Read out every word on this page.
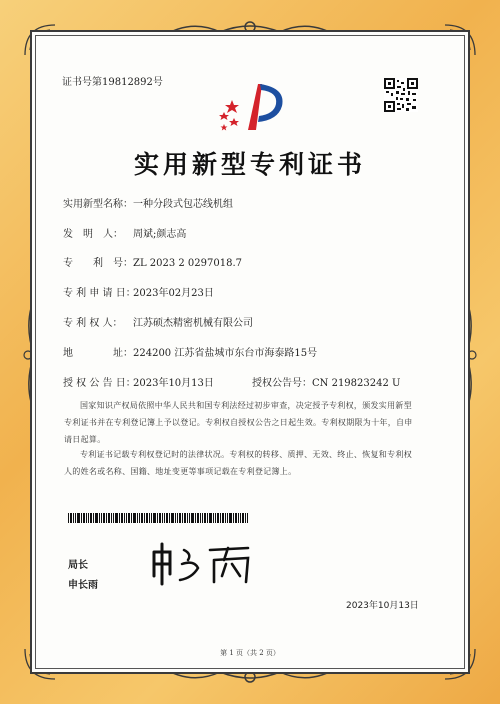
证书号第19812892号
实用新型专利证书
实用新型名称：一种分段式包芯线机组
发　明　人： 周斌;颜志高
专　　利　号：ZL 2023 2 0297018.7
专 利 申 请 日：2023年02月23日
专 利 权 人： 江苏硕杰精密机械有限公司
地　　　　址：224200 江苏省盐城市东台市海泰路15号
授 权 公 告 日：2023年10月13日	授权公告号：CN 219823242 U
国家知识产权局依照中华人民共和国专利法经过初步审查，决定授予专利权，颁发实用新型
专利证书并在专利登记簿上予以登记。专利权自授权公告之日起生效。专利权期限为十年，自申
请日起算。
专利证书记载专利权登记时的法律状况。专利权的转移、质押、无效、终止、恢复和专利权
人的姓名或名称、国籍、地址变更等事项记载在专利登记簿上。
局长
申长雨
2023年10月13日
第 1 页（共 2 页）
